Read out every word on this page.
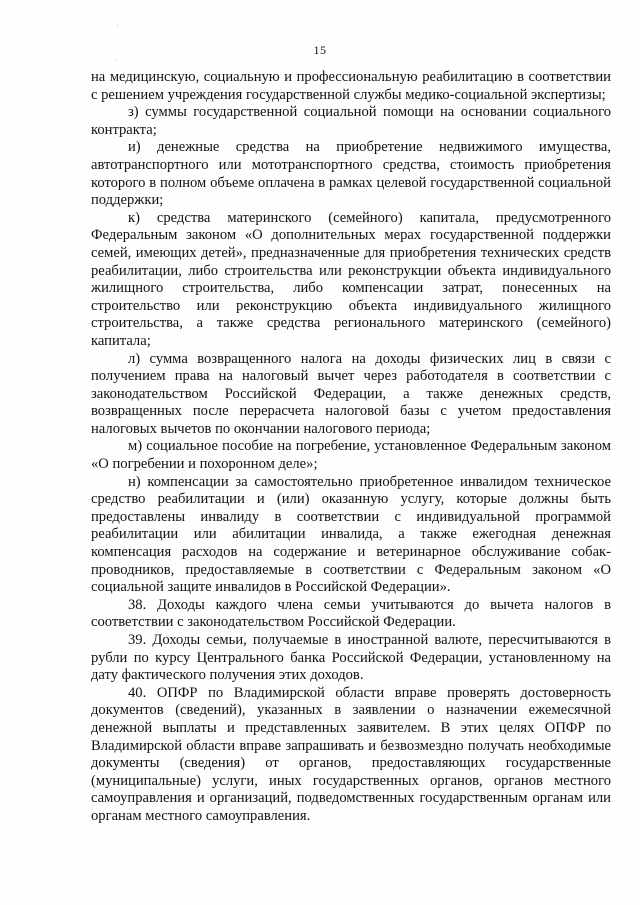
15

на медицинскую, социальную и профессиональную реабилитацию в соответствии с решением учреждения государственной службы медико-социальной экспертизы;

з) суммы государственной социальной помощи на основании социального контракта;

и) денежные средства на приобретение недвижимого имущества, автотранспортного или мототранспортного средства, стоимость приобретения которого в полном объеме оплачена в рамках целевой государственной социальной поддержки;

к) средства материнского (семейного) капитала, предусмотренного Федеральным законом «О дополнительных мерах государственной поддержки семей, имеющих детей», предназначенные для приобретения технических средств реабилитации, либо строительства или реконструкции объекта индивидуального жилищного строительства, либо компенсации затрат, понесенных на строительство или реконструкцию объекта индивидуального жилищного строительства, а также средства регионального материнского (семейного) капитала;

л) сумма возвращенного налога на доходы физических лиц в связи с получением права на налоговый вычет через работодателя в соответствии с законодательством Российской Федерации, а также денежных средств, возвращенных после перерасчета налоговой базы с учетом предоставления налоговых вычетов по окончании налогового периода;

м) социальное пособие на погребение, установленное Федеральным законом «О погребении и похоронном деле»;

н) компенсации за самостоятельно приобретенное инвалидом техническое средство реабилитации и (или) оказанную услугу, которые должны быть предоставлены инвалиду в соответствии с индивидуальной программой реабилитации или абилитации инвалида, а также ежегодная денежная компенсация расходов на содержание и ветеринарное обслуживание собак-проводников, предоставляемые в соответствии с Федеральным законом «О социальной защите инвалидов в Российской Федерации».

38. Доходы каждого члена семьи учитываются до вычета налогов в соответствии с законодательством Российской Федерации.

39. Доходы семьи, получаемые в иностранной валюте, пересчитываются в рубли по курсу Центрального банка Российской Федерации, установленному на дату фактического получения этих доходов.

40. ОПФР по Владимирской области вправе проверять достоверность документов (сведений), указанных в заявлении о назначении ежемесячной денежной выплаты и представленных заявителем. В этих целях ОПФР по Владимирской области вправе запрашивать и безвозмездно получать необходимые документы (сведения) от органов, предоставляющих государственные (муниципальные) услуги, иных государственных органов, органов местного самоуправления и организаций, подведомственных государственным органам или органам местного самоуправления.
